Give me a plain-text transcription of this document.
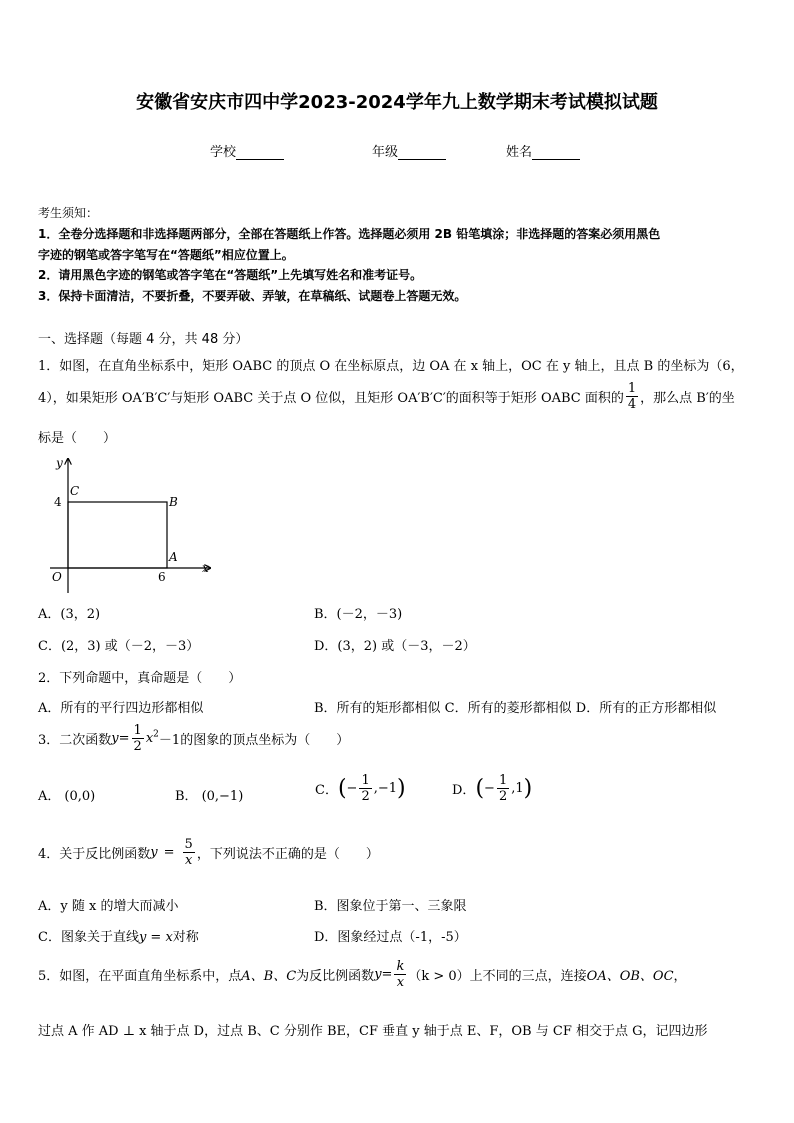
安徽省安庆市四中学2023-2024学年九上数学期末考试模拟试题
学校	年级	姓名
考生须知：
1．全卷分选择题和非选择题两部分，全部在答题纸上作答。选择题必须用 2B 铅笔填涂；非选择题的答案必须用黑色
字迹的钢笔或答字笔写在“答题纸”相应位置上。
2．请用黑色字迹的钢笔或答字笔在“答题纸”上先填写姓名和准考证号。
3．保持卡面清洁，不要折叠，不要弄破、弄皱，在草稿纸、试题卷上答题无效。
一、选择题（每题 4 分，共 48 分）
1．如图，在直角坐标系中，矩形 OABC 的顶点 O 在坐标原点，边 OA 在 x 轴上，OC 在 y 轴上，且点 B 的坐标为（6，
4），如果矩形 OA′B′C′与矩形 OABC 关于点 O 位似，且矩形 OA′B′C′的面积等于矩形 OABC 面积的 $\frac{1}{4}$ ，那么点 B′的坐
标是（　　）
y
x
C
B
A
O
4
6
A．(3，2)	B．(－2，－3)
C．(2，3) 或（－2，－3）	D．(3，2) 或（－3，－2）
2．下列命题中，真命题是（　　）
A．所有的平行四边形都相似	B．所有的矩形都相似 C．所有的菱形都相似 D．所有的正方形都相似
3．二次函数$y= \frac{1}{2} x^2-1$的图象的顶点坐标为（　　）
A． (0,0)	B． (0,−1)	C．(− $\frac{1}{2} ,-1$)	D．(− $\frac{1}{2} ,1$)
4．关于反比例函数$y = \frac{5}{x}$ ，下列说法不正确的是（　　）
A．y 随 x 的增大而减小	B．图象位于第一、三象限
C．图象关于直线y = x对称	D．图象经过点（-1，-5）
5．如图，在平面直角坐标系中，点A、B、C为反比例函数$y= \frac{k}{x} (k > 0)$上不同的三点，连接OA、OB、OC，
过点 A 作 AD ⊥ x 轴于点 D，过点 B、C 分别作 BE，CF 垂直 y 轴于点 E、F，OB 与 CF 相交于点 G，记四边形
